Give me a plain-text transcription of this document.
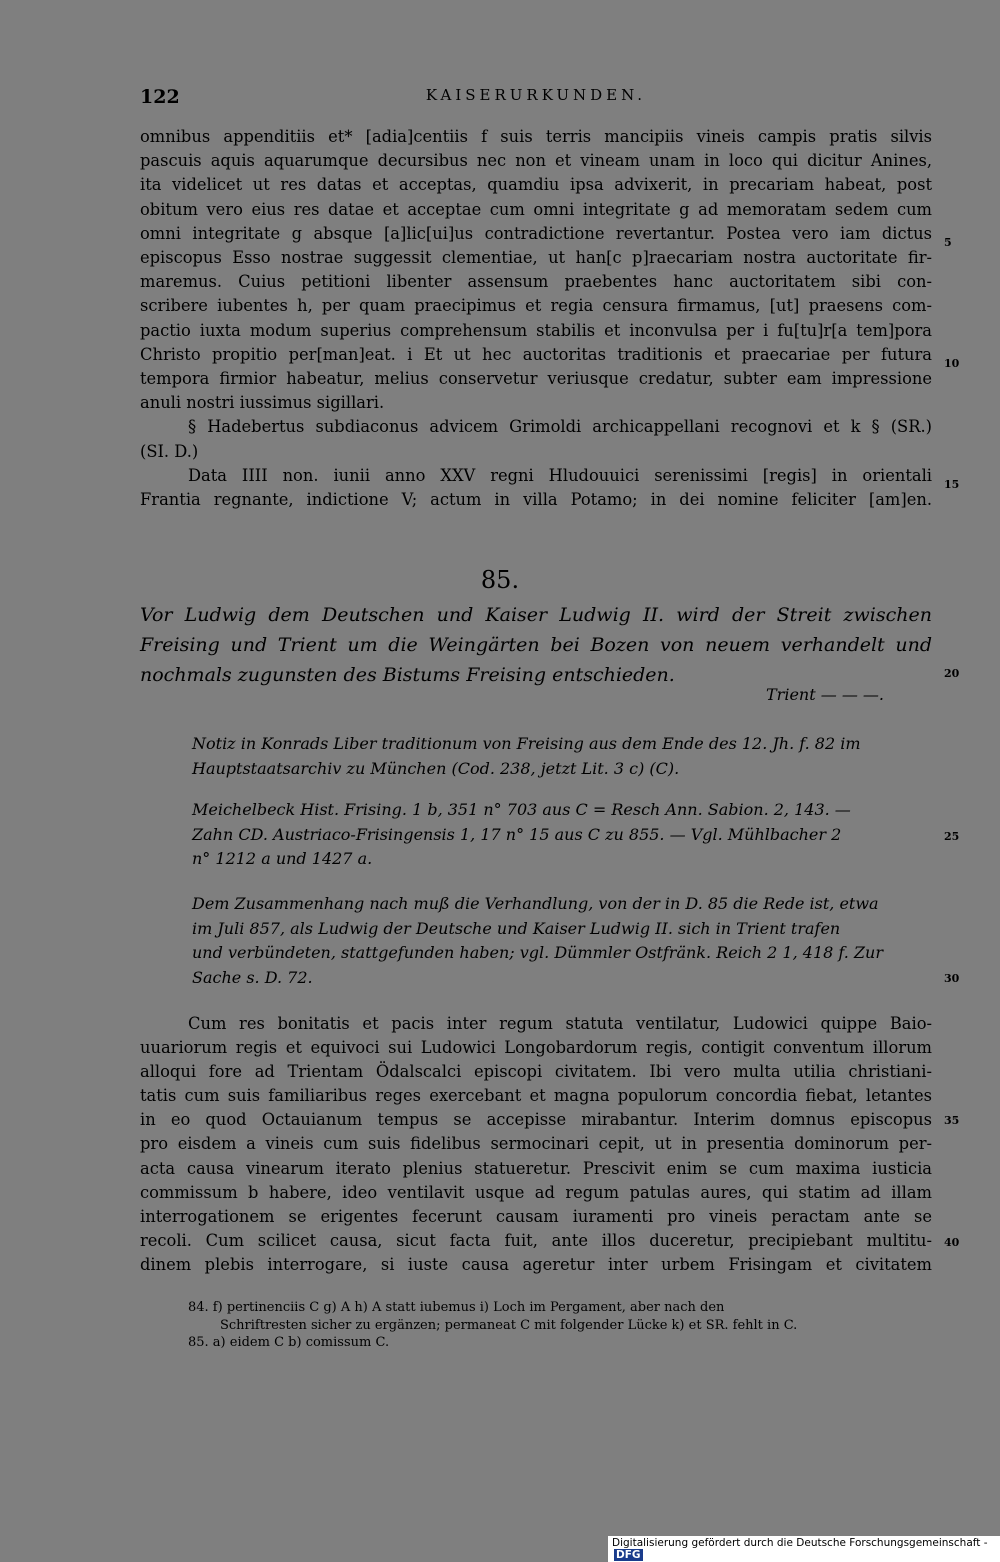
122	KAISERURKUNDEN.
omnibus appenditiis et* [adia]centiis f suis terris mancipiis vineis campis pratis silvis
pascuis aquis aquarumque decursibus nec non et vineam unam in loco qui dicitur Anines,
ita videlicet ut res datas et acceptas, quamdiu ipsa advixerit, in precariam habeat, post
obitum vero eius res datae et acceptae cum omni integritate g ad memoratam sedem cum
omni integritate g absque [a]lic[ui]us contradictione revertantur. Postea vero iam dictus
episcopus Esso nostrae suggessit clementiae, ut han[c p]raecariam nostra auctoritate fir-
maremus. Cuius petitioni libenter assensum praebentes hanc auctoritatem sibi con-
scribere iubentes h, per quam praecipimus et regia censura firmamus, [ut] praesens com-
pactio iuxta modum superius comprehensum stabilis et inconvulsa per i fu[tu]r[a tem]pora
Christo propitio per[man]eat. i Et ut hec auctoritas traditionis et praecariae per futura
tempora firmior habeatur, melius conservetur veriusque credatur, subter eam impressione
anuli nostri iussimus sigillari.
§ Hadebertus subdiaconus advicem Grimoldi archicappellani recognovi et k § (SR.)
(SI. D.)
Data IIII non. iunii anno XXV regni Hludouuici serenissimi [regis] in orientali
Frantia regnante, indictione V; actum in villa Potamo; in dei nomine feliciter [am]en.
5
10
15
85.
Vor Ludwig dem Deutschen und Kaiser Ludwig II. wird der Streit zwischen
Freising und Trient um die Weingärten bei Bozen von neuem verhandelt und
nochmals zugunsten des Bistums Freising entschieden.	20
Trient — — —.
Notiz in Konrads Liber traditionum von Freising aus dem Ende des 12. Jh. f. 82 im
Hauptstaatsarchiv zu München (Cod. 238, jetzt Lit. 3 c) (C).
Meichelbeck Hist. Frising. 1 b, 351 n° 703 aus C = Resch Ann. Sabion. 2, 143. —
Zahn CD. Austriaco-Frisingensis 1, 17 n° 15 aus C zu 855. — Vgl. Mühlbacher 2
n° 1212 a und 1427 a.
25
Dem Zusammenhang nach muß die Verhandlung, von der in D. 85 die Rede ist, etwa
im Juli 857, als Ludwig der Deutsche und Kaiser Ludwig II. sich in Trient trafen
und verbündeten, stattgefunden haben; vgl. Dümmler Ostfränk. Reich 2 1, 418 f. Zur
Sache s. D. 72.	30
Cum res bonitatis et pacis inter regum statuta ventilatur, Ludowici quippe Baio-
uuariorum regis et equivoci sui Ludowici Longobardorum regis, contigit conventum illorum
alloqui fore ad Trientam Ödalscalci episcopi civitatem. Ibi vero multa utilia christiani-
tatis cum suis familiaribus reges exercebant et magna populorum concordia fiebat, letantes
in eo quod Octauianum tempus se accepisse mirabantur. Interim domnus episcopus
pro eisdem a vineis cum suis fidelibus sermocinari cepit, ut in presentia dominorum per-
acta causa vinearum iterato plenius statueretur. Prescivit enim se cum maxima iusticia
commissum b habere, ideo ventilavit usque ad regum patulas aures, qui statim ad illam
interrogationem se erigentes fecerunt causam iuramenti pro vineis peractam ante se
recoli. Cum scilicet causa, sicut facta fuit, ante illos duceretur, precipiebant multitu-
dinem plebis interrogare, si iuste causa ageretur inter urbem Frisingam et civitatem
35
40
84. f) pertinenciis C g) A h) A statt iubemus i) Loch im Pergament, aber nach den
Schriftresten sicher zu ergänzen; permaneat C mit folgender Lücke k) et SR. fehlt in C.
85. a) eidem C b) comissum C.
Digitalisierung gefördert durch die Deutsche Forschungsgemeinschaft -DFG
